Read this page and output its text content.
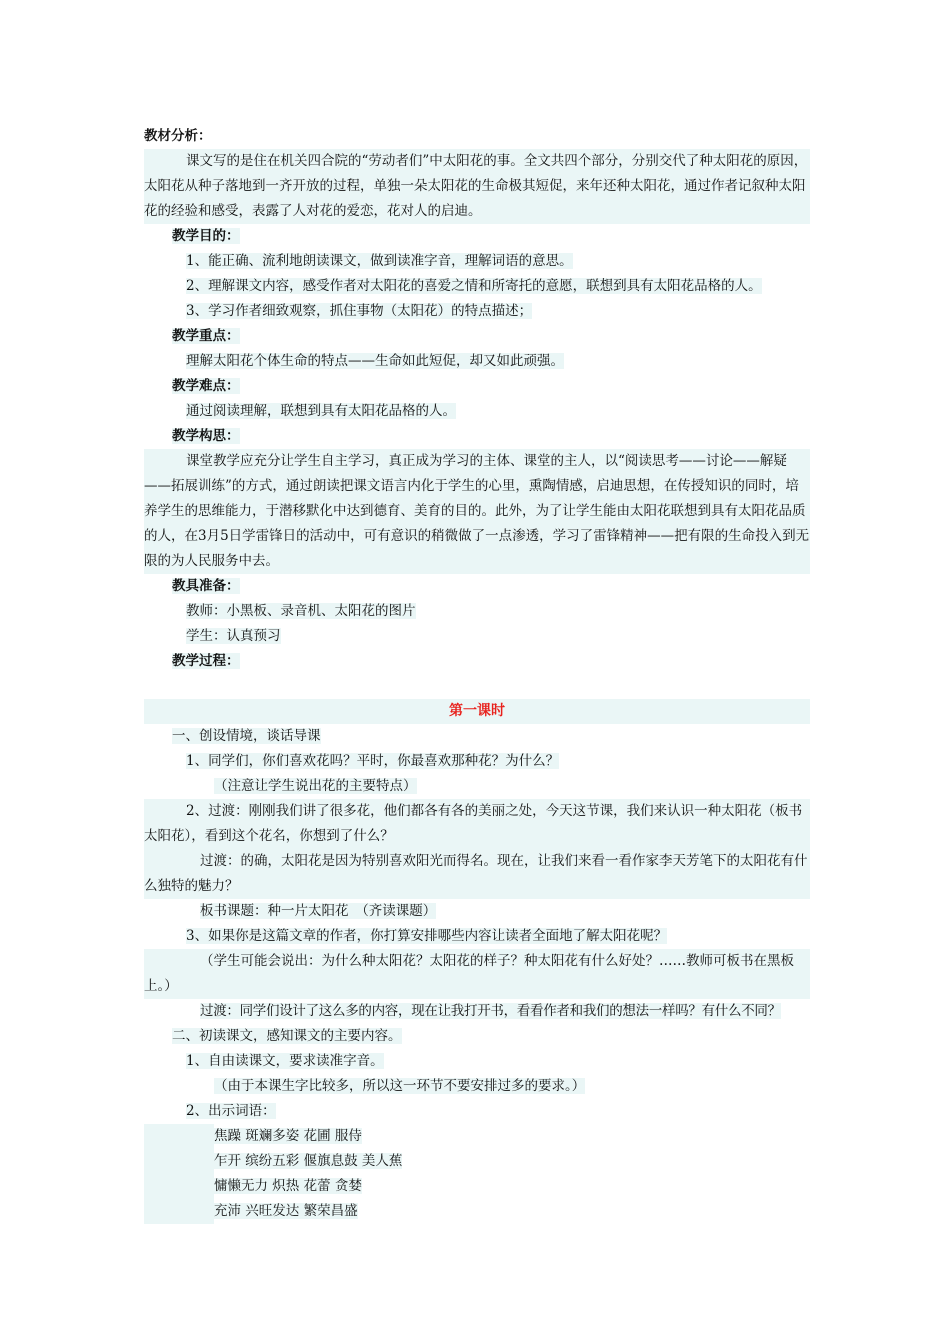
教材分析：
课文写的是住在机关四合院的“劳动者们”中太阳花的事。全文共四个部分，分别交代了种太阳花的原因，太阳花从种子落地到一齐开放的过程，单独一朵太阳花的生命极其短促，来年还种太阳花，通过作者记叙种太阳花的经验和感受，表露了人对花的爱恋，花对人的启迪。
教学目的：
1、能正确、流利地朗读课文，做到读准字音，理解词语的意思。
2、理解课文内容，感受作者对太阳花的喜爱之情和所寄托的意愿，联想到具有太阳花品格的人。
3、学习作者细致观察，抓住事物（太阳花）的特点描述；
教学重点：
理解太阳花个体生命的特点——生命如此短促，却又如此顽强。
教学难点：
通过阅读理解，联想到具有太阳花品格的人。
教学构思：
课堂教学应充分让学生自主学习，真正成为学习的主体、课堂的主人，以“阅读思考——讨论——解疑——拓展训练”的方式，通过朗读把课文语言内化于学生的心里，熏陶情感，启迪思想，在传授知识的同时，培养学生的思维能力，于潜移默化中达到德育、美育的目的。此外，为了让学生能由太阳花联想到具有太阳花品质的人，在3月5日学雷锋日的活动中，可有意识的稍微做了一点渗透，学习了雷锋精神——把有限的生命投入到无限的为人民服务中去。
教具准备：
教师：小黑板、录音机、太阳花的图片
学生：认真预习
教学过程：
第一课时
一、创设情境，谈话导课
1、同学们，你们喜欢花吗？平时，你最喜欢那种花？为什么？
（注意让学生说出花的主要特点）
2、过渡：刚刚我们讲了很多花，他们都各有各的美丽之处，今天这节课，我们来认识一种太阳花（板书太阳花），看到这个花名，你想到了什么？
过渡：的确，太阳花是因为特别喜欢阳光而得名。现在，让我们来看一看作家李天芳笔下的太阳花有什么独特的魅力？
板书课题：种一片太阳花　（齐读课题）
3、如果你是这篇文章的作者，你打算安排哪些内容让读者全面地了解太阳花呢？
（学生可能会说出：为什么种太阳花？太阳花的样子？种太阳花有什么好处？……教师可板书在黑板上。）
过渡：同学们设计了这么多的内容，现在让我打开书，看看作者和我们的想法一样吗？有什么不同？
二、初读课文，感知课文的主要内容。
1、自由读课文，要求读准字音。
（由于本课生字比较多，所以这一环节不要安排过多的要求。）
2、出示词语：
焦躁 斑斓多姿 花圃 服侍
乍开 缤纷五彩 偃旗息鼓 美人蕉
慵懒无力 炽热 花蕾 贪婪
充沛 兴旺发达 繁荣昌盛
